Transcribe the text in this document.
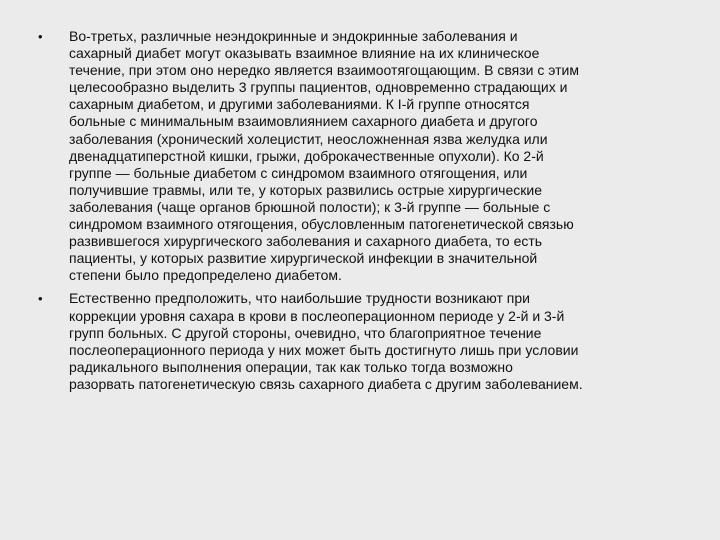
• Во-третьх, различные неэндокринные и эндокринные заболевания и
сахарный диабет могут оказывать взаимное влияние на их клиническое
течение, при этом оно нередко является взаимоотягощающим. В связи с этим
целесообразно выделить 3 группы пациентов, одновременно страдающих и
сахарным диабетом, и другими заболеваниями. К I-й группе относятся
больные с минимальным взаимовлиянием сахарного диабета и другого
заболевания (хронический холецистит, неосложненная язва желудка или
двенадцатиперстной кишки, грыжи, доброкачественные опухоли). Ко 2-й
группе — больные диабетом с синдромом взаимного отягощения, или
получившие травмы, или те, у которых развились острые хирургические
заболевания (чаще органов брюшной полости); к 3-й группе — больные с
синдромом взаимного отягощения, обусловленным патогенетической связью
развившегося хирургического заболевания и сахарного диабета, то есть
пациенты, у которых развитие хирургической инфекции в значительной
степени было предопределено диабетом.
• Естественно предположить, что наибольшие трудности возникают при
коррекции уровня сахара в крови в послеоперационном периоде у 2-й и 3-й
групп больных. С другой стороны, очевидно, что благоприятное течение
послеоперационного периода у них может быть достигнуто лишь при условии
радикального выполнения операции, так как только тогда возможно
разорвать патогенетическую связь сахарного диабета с другим заболеванием.
